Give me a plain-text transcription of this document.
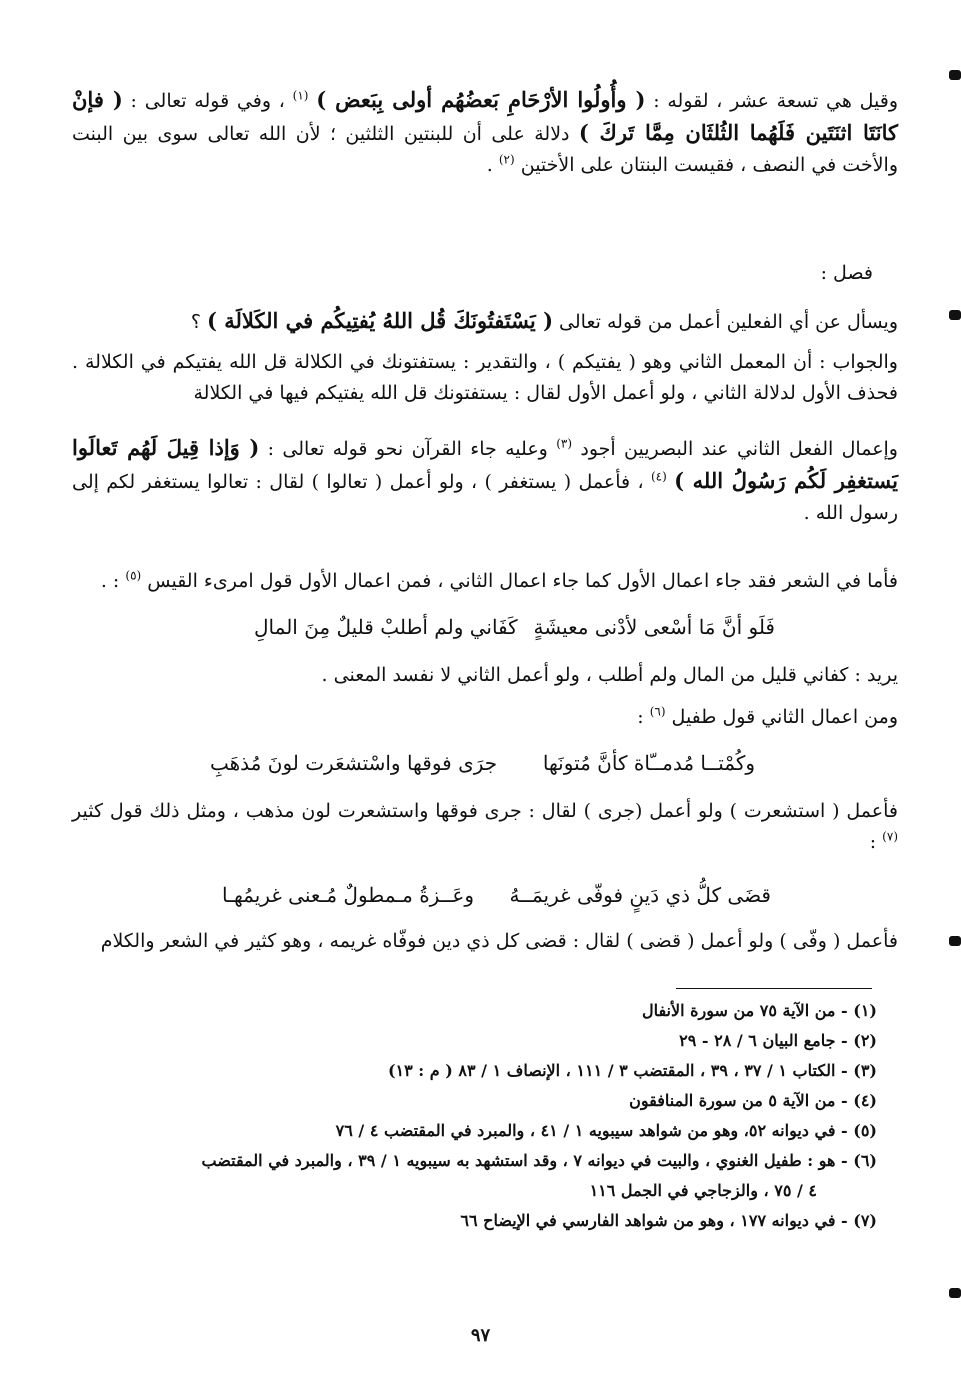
وقيل هي تسعة عشر ، لقوله : ( وأُولُوا الأرْحَامِ بَعضُهُم أولى بِبَعض ) $^{(١)}$ ، وفي قوله تعالى : ( فإنْ كانَتَا اثنَتَين فَلَهُما الثُلثَان مِمَّا تَركَ ) دلالة على أن للبنتين الثلثين ؛ لأن الله تعالى سوى بين البنت والأخت في النصف ، فقيست البنتان على الأختين $^{(٢)}$ .

فصل :

ويسأل عن أي الفعلين أعمل من قوله تعالى ( يَسْتَفتُونَكَ قُل اللهُ يُفتِيكُم في الكَلالَة ) ؟

والجواب : أن المعمل الثاني وهو ( يفتيكم ) ، والتقدير : يستفتونك في الكلالة قل الله يفتيكم في الكلالة . فحذف الأول لدلالة الثاني ، ولو أعمل الأول لقال : يستفتونك قل الله يفتيكم فيها في الكلالة

وإعمال الفعل الثاني عند البصريين أجود $^{(٣)}$ وعليه جاء القرآن نحو قوله تعالى : ( وَإذا قِيلَ لَهُم تَعالَوا يَستغفِر لَكُم رَسُولُ الله ) $^{(٤)}$ ، فأعمل ( يستغفر ) ، ولو أعمل ( تعالوا ) لقال : تعالوا يستغفر لكم إلى رسول الله .

فأما في الشعر فقد جاء اعمال الأول كما جاء اعمال الثاني ، فمن اعمال الأول قول امرىء القيس $^{(٥)}$ : .

فَلَو أنَّ مَا أسْعى لأدْنى معيشَةٍ
كَفَاني ولم أطلبْ قليلٌ مِنَ المالِ

يريد : كفاني قليل من المال ولم أطلب ، ولو أعمل الثاني لا نفسد المعنى .

ومن اعمال الثاني قول طفيل $^{(٦)}$ :

وكُمْتــا مُدمــّاة كأنَّ مُتونَها
جرَى فوقها واسْتشعَرت لونَ مُذهَبِ

فأعمل ( استشعرت ) ولو أعمل (جرى ) لقال : جرى فوقها واستشعرت لون مذهب ، ومثل ذلك قول كثير $^{(٧)}$ :

قضَى كلُّ ذي دَينٍ فوفّى غريمَــهُ
وعَــزةُ مـمطولٌ مُـعنى غريمُهـا

فأعمل ( وفّى ) ولو أعمل ( قضى ) لقال : قضى كل ذي دين فوفّاه غريمه ، وهو كثير في الشعر والكلام

(١) - من الآية ٧٥ من سورة الأنفال

(٢) - جامع البيان ٦ / ٢٨ - ٢٩

(٣) - الكتاب ١ / ٣٧ ، ٣٩ ، المقتضب ٣ / ١١١ ، الإنصاف ١ / ٨٣ ( م : ١٣)

(٤) - من الآية ٥ من سورة المنافقون

(٥) - في ديوانه ٥٢، وهو من شواهد سيبويه ١ / ٤١ ، والمبرد في المقتضب ٤ / ٧٦

(٦) - هو : طفيل الغنوي ، والبيت في ديوانه ٧ ، وقد استشهد به سيبويه ١ / ٣٩ ، والمبرد في المقتضب

٤ / ٧٥ ، والزجاجي في الجمل ١١٦

(٧) - في ديوانه ١٧٧ ، وهو من شواهد الفارسي في الإيضاح ٦٦

٩٧
